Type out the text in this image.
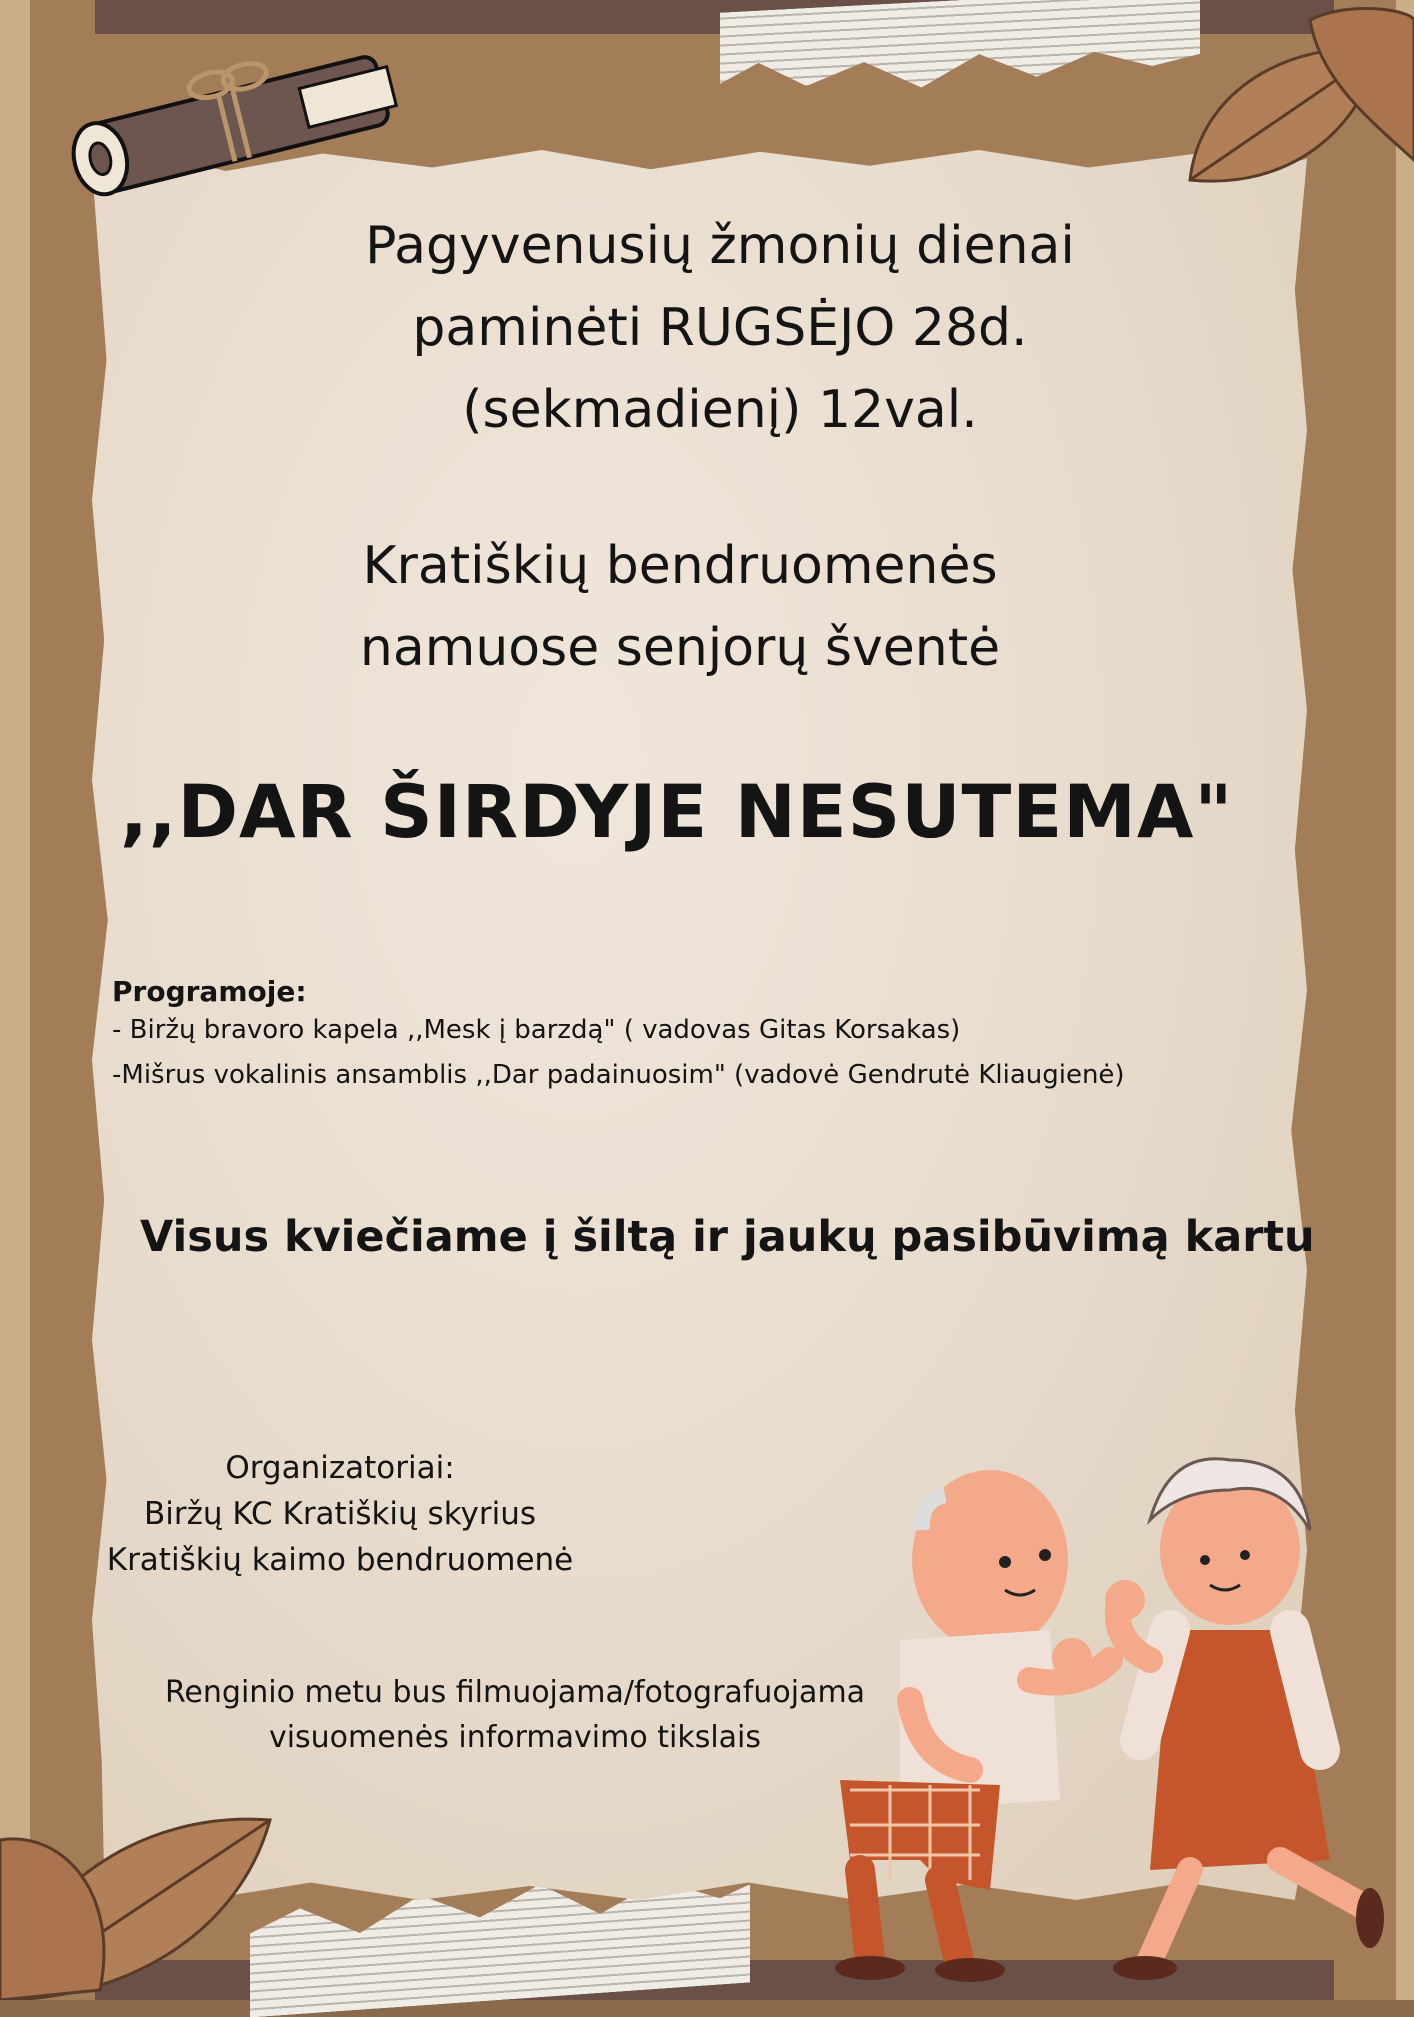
Pagyvenusių žmonių dienai
paminėti RUGSĖJO 28d.
(sekmadienį) 12val.

Kratiškių bendruomenės
namuose senjorų šventė

,,DAR ŠIRDYJE NESUTEMA"

Programoje:

- Biržų bravoro kapela ,,Mesk į barzdą" ( vadovas Gitas Korsakas)

-Mišrus vokalinis ansamblis ,,Dar padainuosim" (vadovė Gendrutė Kliaugienė)

Visus kviečiame į šiltą ir jaukų pasibūvimą kartu

Organizatoriai:

Biržų KC Kratiškių skyrius

Kratiškių kaimo bendruomenė

Renginio metu bus filmuojama/fotografuojama

visuomenės informavimo tikslais
